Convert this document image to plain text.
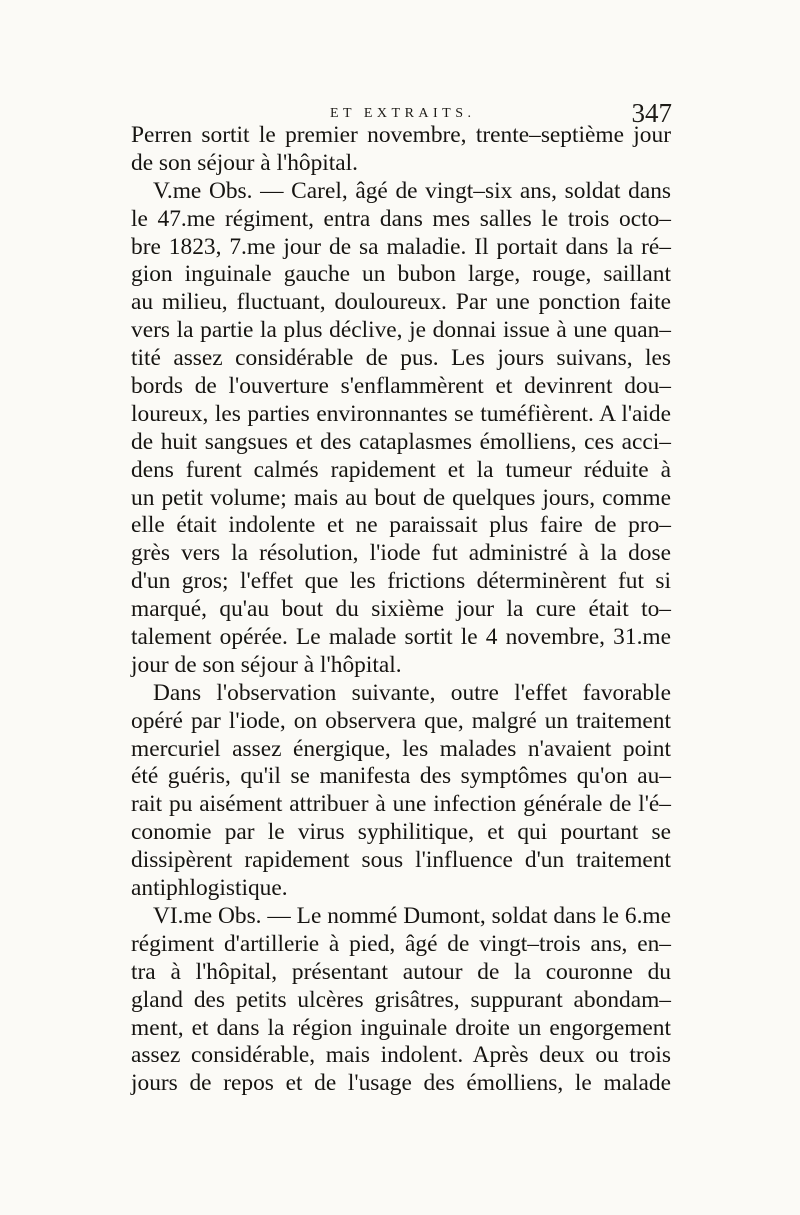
ET EXTRAITS.	347
Perren sortit le premier novembre, trente–septième jour
de son séjour à l'hôpital.
V.me Obs. — Carel, âgé de vingt–six ans, soldat dans
le 47.me régiment, entra dans mes salles le trois octo–
bre 1823, 7.me jour de sa maladie. Il portait dans la ré–
gion inguinale gauche un bubon large, rouge, saillant
au milieu, fluctuant, douloureux. Par une ponction faite
vers la partie la plus déclive, je donnai issue à une quan–
tité assez considérable de pus. Les jours suivans, les
bords de l'ouverture s'enflammèrent et devinrent dou–
loureux, les parties environnantes se tuméfièrent. A l'aide
de huit sangsues et des cataplasmes émolliens, ces acci–
dens furent calmés rapidement et la tumeur réduite à
un petit volume; mais au bout de quelques jours, comme
elle était indolente et ne paraissait plus faire de pro–
grès vers la résolution, l'iode fut administré à la dose
d'un gros; l'effet que les frictions déterminèrent fut si
marqué, qu'au bout du sixième jour la cure était to–
talement opérée. Le malade sortit le 4 novembre, 31.me
jour de son séjour à l'hôpital.
Dans l'observation suivante, outre l'effet favorable
opéré par l'iode, on observera que, malgré un traitement
mercuriel assez énergique, les malades n'avaient point
été guéris, qu'il se manifesta des symptômes qu'on au–
rait pu aisément attribuer à une infection générale de l'é–
conomie par le virus syphilitique, et qui pourtant se
dissipèrent rapidement sous l'influence d'un traitement
antiphlogistique.
VI.me Obs. — Le nommé Dumont, soldat dans le 6.me
régiment d'artillerie à pied, âgé de vingt–trois ans, en–
tra à l'hôpital, présentant autour de la couronne du
gland des petits ulcères grisâtres, suppurant abondam–
ment, et dans la région inguinale droite un engorgement
assez considérable, mais indolent. Après deux ou trois
jours de repos et de l'usage des émolliens, le malade
